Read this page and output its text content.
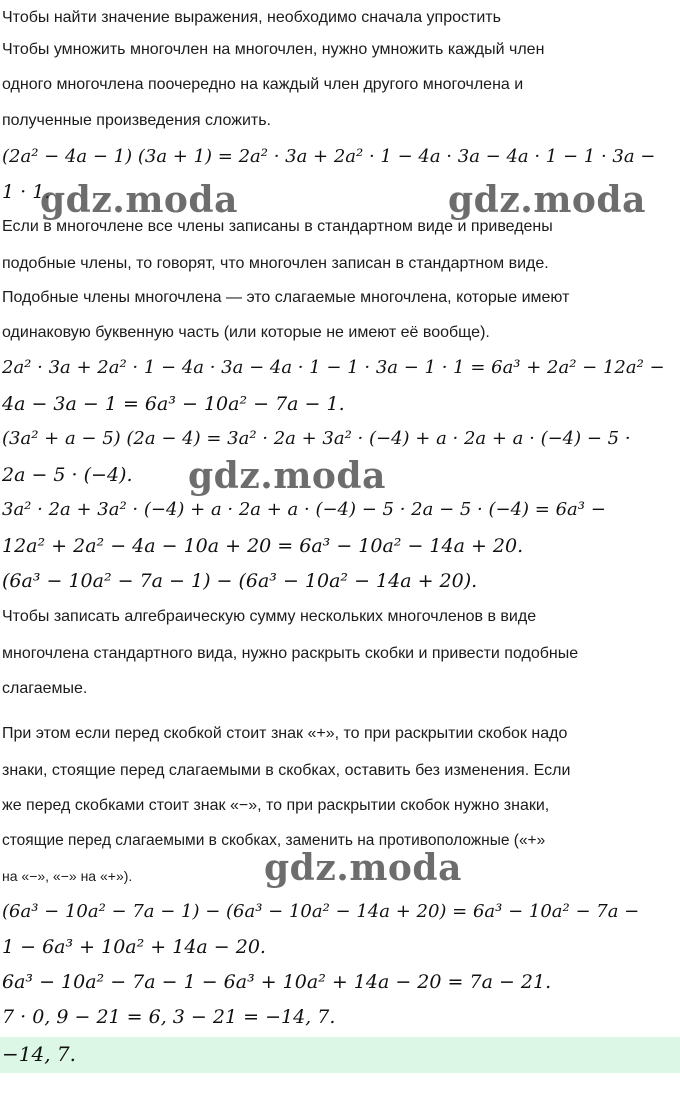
Чтобы найти значение выражения, необходимо сначала упростить
Чтобы умножить многочлен на многочлен, нужно умножить каждый член
одного многочлена поочередно на каждый член другого многочлена и
полученные произведения сложить.
(2a² − 4a − 1) (3a + 1) = 2a² · 3a + 2a² · 1 − 4a · 3a − 4a · 1 − 1 · 3a −
1 · 1.
Если в многочлене все члены записаны в стандартном виде и приведены
подобные члены, то говорят, что многочлен записан в стандартном виде.
Подобные члены многочлена — это слагаемые многочлена, которые имеют
одинаковую буквенную часть (или которые не имеют её вообще).
2a² · 3a + 2a² · 1 − 4a · 3a − 4a · 1 − 1 · 3a − 1 · 1 = 6a³ + 2a² − 12a² −
4a − 3a − 1 = 6a³ − 10a² − 7a − 1.
(3a² + a − 5) (2a − 4) = 3a² · 2a + 3a² · (−4) + a · 2a + a · (−4) − 5 ·
2a − 5 · (−4).
3a² · 2a + 3a² · (−4) + a · 2a + a · (−4) − 5 · 2a − 5 · (−4) = 6a³ −
12a² + 2a² − 4a − 10a + 20 = 6a³ − 10a² − 14a + 20.
(6a³ − 10a² − 7a − 1) − (6a³ − 10a² − 14a + 20).
Чтобы записать алгебраическую сумму нескольких многочленов в виде
многочлена стандартного вида, нужно раскрыть скобки и привести подобные
слагаемые.
При этом если перед скобкой стоит знак «+», то при раскрытии скобок надо
знаки, стоящие перед слагаемыми в скобках, оставить без изменения. Если
же перед скобками стоит знак «−», то при раскрытии скобок нужно знаки,
стоящие перед слагаемыми в скобках, заменить на противоположные («+»
на «−», «−» на «+»).
(6a³ − 10a² − 7a − 1) − (6a³ − 10a² − 14a + 20) = 6a³ − 10a² − 7a −
1 − 6a³ + 10a² + 14a − 20.
6a³ − 10a² − 7a − 1 − 6a³ + 10a² + 14a − 20 = 7a − 21.
7 · 0, 9 − 21 = 6, 3 − 21 = −14, 7.
−14, 7.
gdz.moda	gdz.moda
gdz.moda
gdz.moda
